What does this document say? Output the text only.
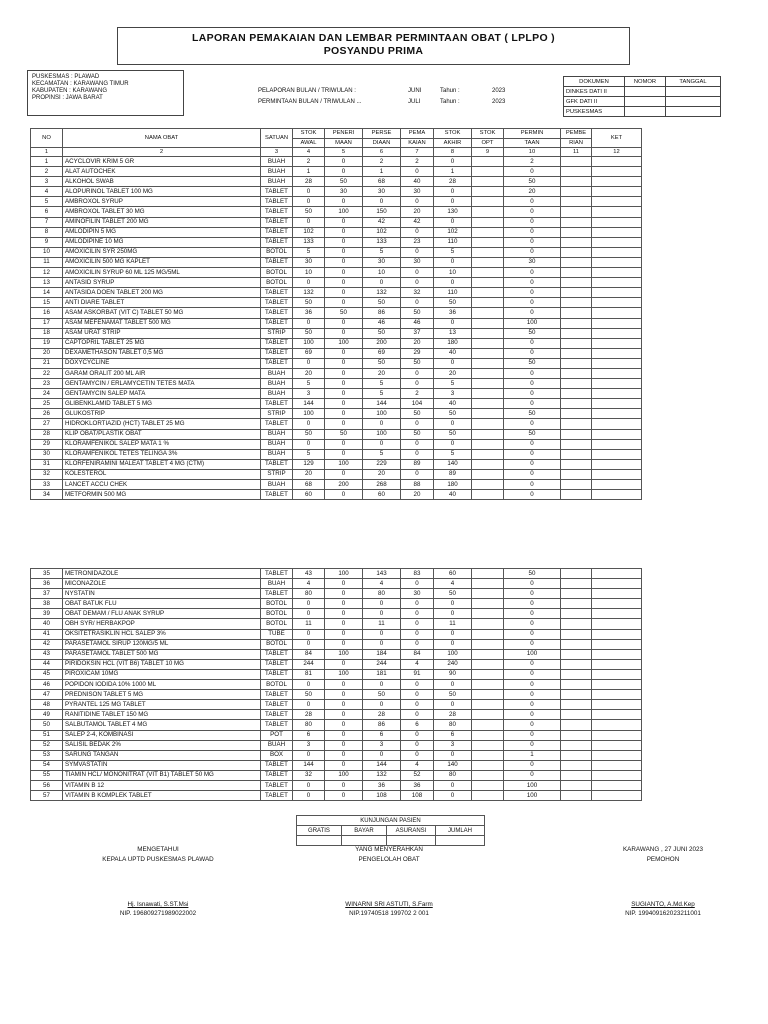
LAPORAN PEMAKAIAN DAN LEMBAR PERMINTAAN OBAT ( LPLPO )
POSYANDU PRIMA
PUSKESMAS : PLAWAD
KECAMATAN : KARAWANG TIMUR
KABUPATEN : KARAWANG
PROPINSI : JAWA BARAT
PELAPORAN BULAN / TRIWULAN :	JUNI	Tahun :	2023
PERMINTAAN BULAN / TRIWULAN ...	JULI	Tahun :	2023
DOKUMEN	NOMOR	TANGGAL
DINKES DATI II		
GFK DATI II		
PUSKESMAS		
NO	NAMA OBAT	SATUAN	STOK	PENERI	PERSE	PEMA	STOK	STOK	PERMIN	PEMBE	KET
			AWAL	MAAN	DIAAN	KAIAN	AKHIR	OPT	TAAN	RIAN	
1	2	3	4	5	6	7	8	9	10	11	12
1	ACYCLOVIR KRIM 5 GR	BUAH	2	0	2	2	0		2		
2	ALAT AUTOCHEK	BUAH	1	0	1	0	1		0		
3	ALKOHOL SWAB	BUAH	28	50	68	40	28		50		
4	ALOPURINOL TABLET 100 MG	TABLET	0	30	30	30	0		20		
5	AMBROXOL SYRUP	TABLET	0	0	0	0	0		0		
6	AMBROXOL TABLET 30 MG	TABLET	50	100	150	20	130		0		
7	AMINOFILIN TABLET 200 MG	TABLET	0	0	42	42	0		0		
8	AMLODIPIN 5 MG	TABLET	102	0	102	0	102		0		
9	AMLODIPINE 10 MG	TABLET	133	0	133	23	110		0		
10	AMOXICILIN SYR 250MG	BOTOL	5	0	5	0	5		0		
11	AMOXICILIN 500 MG KAPLET	TABLET	30	0	30	30	0		30		
12	AMOXICILIN SYRUP 60 ML 125 MG/5ML	BOTOL	10	0	10	0	10		0		
13	ANTASID SYRUP	BOTOL	0	0	0	0	0		0		
14	ANTASIDA DOEN TABLET 200 MG	TABLET	132	0	132	32	110		0		
15	ANTI DIARE TABLET	TABLET	50	0	50	0	50		0		
16	ASAM ASKORBAT (VIT C) TABLET 50 MG	TABLET	36	50	86	50	36		0		
17	ASAM MEFENAMAT TABLET 500 MG	TABLET	0	0	46	46	0		100		
18	ASAM URAT STRIP	STRIP	50	0	50	37	13		50		
19	CAPTOPRIL TABLET 25 MG	TABLET	100	100	200	20	180		0		
20	DEXAMETHASON TABLET 0,5 MG	TABLET	69	0	69	29	40		0		
21	DOXYCYCLINE	TABLET	0	0	50	50	0		50		
22	GARAM ORALIT 200 ML AIR	BUAH	20	0	20	0	20		0		
23	GENTAMYCIN / ERLAMYCETIN TETES MATA	BUAH	5	0	5	0	5		0		
24	GENTAMYCIN SALEP MATA	BUAH	3	0	5	2	3		0		
25	GLIBENKLAMID TABLET 5 MG	TABLET	144	0	144	104	40		0		
26	GLUKOSTRIP	STRIP	100	0	100	50	50		50		
27	HIDROKLORTIAZID (HCT) TABLET 25 MG	TABLET	0	0	0	0	0		0		
28	KLIP OBAT/PLASTIK OBAT	BUAH	50	50	100	50	50		50		
29	KLORAMFENIKOL SALEP MATA 1 %	BUAH	0	0	0	0	0		0		
30	KLORAMFENIKOL TETES TELINGA 3%	BUAH	5	0	5	0	5		0		
31	KLORFENIRAMINI MALEAT TABLET 4 MG (CTM)	TABLET	129	100	229	89	140		0		
32	KOLESTEROL	STRIP	20	0	20	0	89		0		
33	LANCET ACCU CHEK	BUAH	68	200	268	88	180		0		
34	METFORMIN 500 MG	TABLET	60	0	60	20	40		0		
35	METRONIDAZOLE	TABLET	43	100	143	83	60		50		
36	MICONAZOLE	BUAH	4	0	4	0	4		0		
37	NYSTATIN	TABLET	80	0	80	30	50		0		
38	OBAT BATUK FLU	BOTOL	0	0	0	0	0		0		
39	OBAT DEMAM / FLU ANAK SYRUP	BOTOL	0	0	0	0	0		0		
40	OBH SYR/ HERBAKPOP	BOTOL	11	0	11	0	11		0		
41	OKSITETRASIKLIN HCL SALEP 3%	TUBE	0	0	0	0	0		0		
42	PARASETAMOL SIRUP 120MG/5 ML	BOTOL	0	0	0	0	0		0		
43	PARASETAMOL TABLET 500 MG	TABLET	84	100	184	84	100		100		
44	PIRIDOKSIN HCL (VIT B6) TABLET 10 MG	TABLET	244	0	244	4	240		0		
45	PIROXICAM 10MG	TABLET	81	100	181	91	90		0		
46	POPIDON IODIDA 10% 1000 ML	BOTOL	0	0	0	0	0		0		
47	PREDNISON TABLET 5 MG	TABLET	50	0	50	0	50		0		
48	PYRANTEL 125 MG TABLET	TABLET	0	0	0	0	0		0		
49	RANITIDINE TABLET 150 MG	TABLET	28	0	28	0	28		0		
50	SALBUTAMOL TABLET 4 MG	TABLET	80	0	86	6	80		0		
51	SALEP 2-4, KOMBINASI	POT	6	0	6	0	6		0		
52	SALISIL BEDAK 2%	BUAH	3	0	3	0	3		0		
53	SARUNG TANGAN	BOX	0	0	0	0	0		1		
54	SYMVASTATIN	TABLET	144	0	144	4	140		0		
55	TIAMIN HCL/ MONONITRAT (VIT B1) TABLET 50 MG	TABLET	32	100	132	52	80		0		
56	VITAMIN B 12	TABLET	0	0	36	36	0		100		
57	VITAMIN B KOMPLEK TABLET	TABLET	0	0	108	108	0		100		
KUNJUNGAN PASIEN			
GRATIS	BAYAR	ASURANSI	JUMLAH

MENGETAHUI
KEPALA UPTD PUSKESMAS PLAWAD
Hj. Isnawati, S.ST.Msi
NIP. 196809271989022002
YANG MENYERAHKAN
PENGELOLAH OBAT
WINARNI SRI ASTUTI, S.Farm
NIP.19740518 199702 2 001
KARAWANG , 27 JUNI 2023
PEMOHON
SUGIANTO, A.Md.Kep
NIP. 199409162023211001
